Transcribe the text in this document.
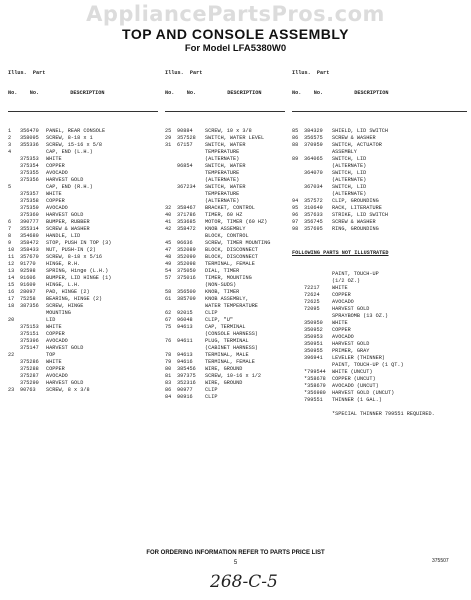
AppliancePartsPros.com
TOP AND CONSOLE ASSEMBLY
For Model LFA5380W0

Illus.  Part

No.    No.          DESCRIPTION

1 356470 PANEL, REAR CONSOLE
2 358095 SCREW, 8-18 x 1
3 355336 SCREW, 15-16 x 5/8
4	CAP, END (L.H.)
375353 WHITE
375354 COPPER
375355 AVOCADO
375356 HARVEST GOLD
5	CAP, END (R.H.)
375357 WHITE
375358 COPPER
375359 AVOCADO
375360 HARVEST GOLD
6 390777 BUMPER, RUBBER
7 355314 SCREW & WASHER
8 354680 HANDLE, LID
9 358472 STOP, PUSH IN TOP (3)
10 358433 NUT, PUSH-IN (2)
11 357670 SCREW, 8-18 x 5/16
12 91770 HINGE, R.H.
13 92598 SPRING, Hinge (L.H.)
14 91606 BUMPER, LID HINGE (1)
15 91609 HINGE, L.H.
16 28097 PAD, HINGE (2)
17 75258 BEARING, HINGE (2)
18 387356 SCREW, HINGE
MOUNTING
20	LID
375153 WHITE
375151 COPPER
375396 AVOCADO
375147 HARVEST GOLD
22	TOP
375286 WHITE
375288 COPPER
375287 AVOCADO
375290 HARVEST GOLD
23 90763 SCREW, 8 x 3/8

Illus.  Part

No.    No.          DESCRIPTION

25 90884 SCREW, 10 x 3/8
29 357528 SWITCH, WATER LEVEL
31 67157 SWITCH, WATER
TEMPERATURE
(ALTERNATE)
96854 SWITCH, WATER
TEMPERATURE
(ALTERNATE)
367234 SWITCH, WATER
TEMPERATURE
(ALTERNATE)
32 358467 BRACKET, CONTROL
40 371786 TIMER, 60 HZ
41 353685 MOTOR, TIMER (60 HZ)
42 358472 KNOB ASSEMBLY
BLOCK, CONTROL
45 96636 SCREW, TIMER MOUNTING
47 352089 BLOCK, DISCONNECT
48 352090 BLOCK, DISCONNECT
49 352098 TERMINAL, FEMALE
54 375050 DIAL, TIMER
57 375016 TIMER, MOUNTING
(NON-SUDS)
58 356500 KNOB, TIMER
61 385709 KNOB ASSEMBLY,
WATER TEMPERATURE
62 92015 CLIP
67 96048 CLIP, "U"
75 94613 CAP, TERMINAL
(CONSOLE HARNESS)
76 94611 PLUG, TERMINAL
(CABINET HARNESS)
78 94613 TERMINAL, MALE
79 94616 TERMINAL, FEMALE
80 385456 WIRE, GROUND
81 397375 SCREW, 10-16 x 1/2
83 352316 WIRE, GROUND
86 90977 CLIP
84 90916 CLIP

Illus.  Part

No.    No.          DESCRIPTION

85 384329 SHIELD, LID SWITCH
86 356575 SCREW & WASHER
88 370959 SWITCH, ACTUATOR
ASSEMBLY
89 364065 SWITCH, LID
(ALTERNATE)
364070 SWITCH, LID
(ALTERNATE)
367034 SWITCH, LID
(ALTERNATE)
94 357572 CLIP, GROUNDING
95 310649 RACK, LITERATURE
96 357633 STRIKE, LID SWITCH
97 356745 SCREW & WASHER
98 357695 RING, GROUNDING

FOLLOWING PARTS NOT ILLUSTRATED

PAINT, TOUCH-UP
(1/2 OZ.)
72217 WHITE
72624 COPPER
72625 AVOCADO
72095 HARVEST GOLD
SPRAYBOMB (13 OZ.)
350950 WHITE
350952 COPPER
350953 AVOCADO
350951 HARVEST GOLD
350955 PRIMER, GRAY
396941 LEVELER (THINNER)
PAINT, TOUCH-UP (1 QT.)
*799544 WHITE (UNCUT)
*358678 COPPER (UNCUT)
*358679 AVOCADO (UNCUT)
*356980 HARVEST GOLD (UNCUT)
799551 THINNER (1 GAL.)
*SPECIAL THINNER 799551 REQUIRED.

FOR ORDERING INFORMATION REFER TO PARTS PRICE LIST
5	375507
268-C-5
